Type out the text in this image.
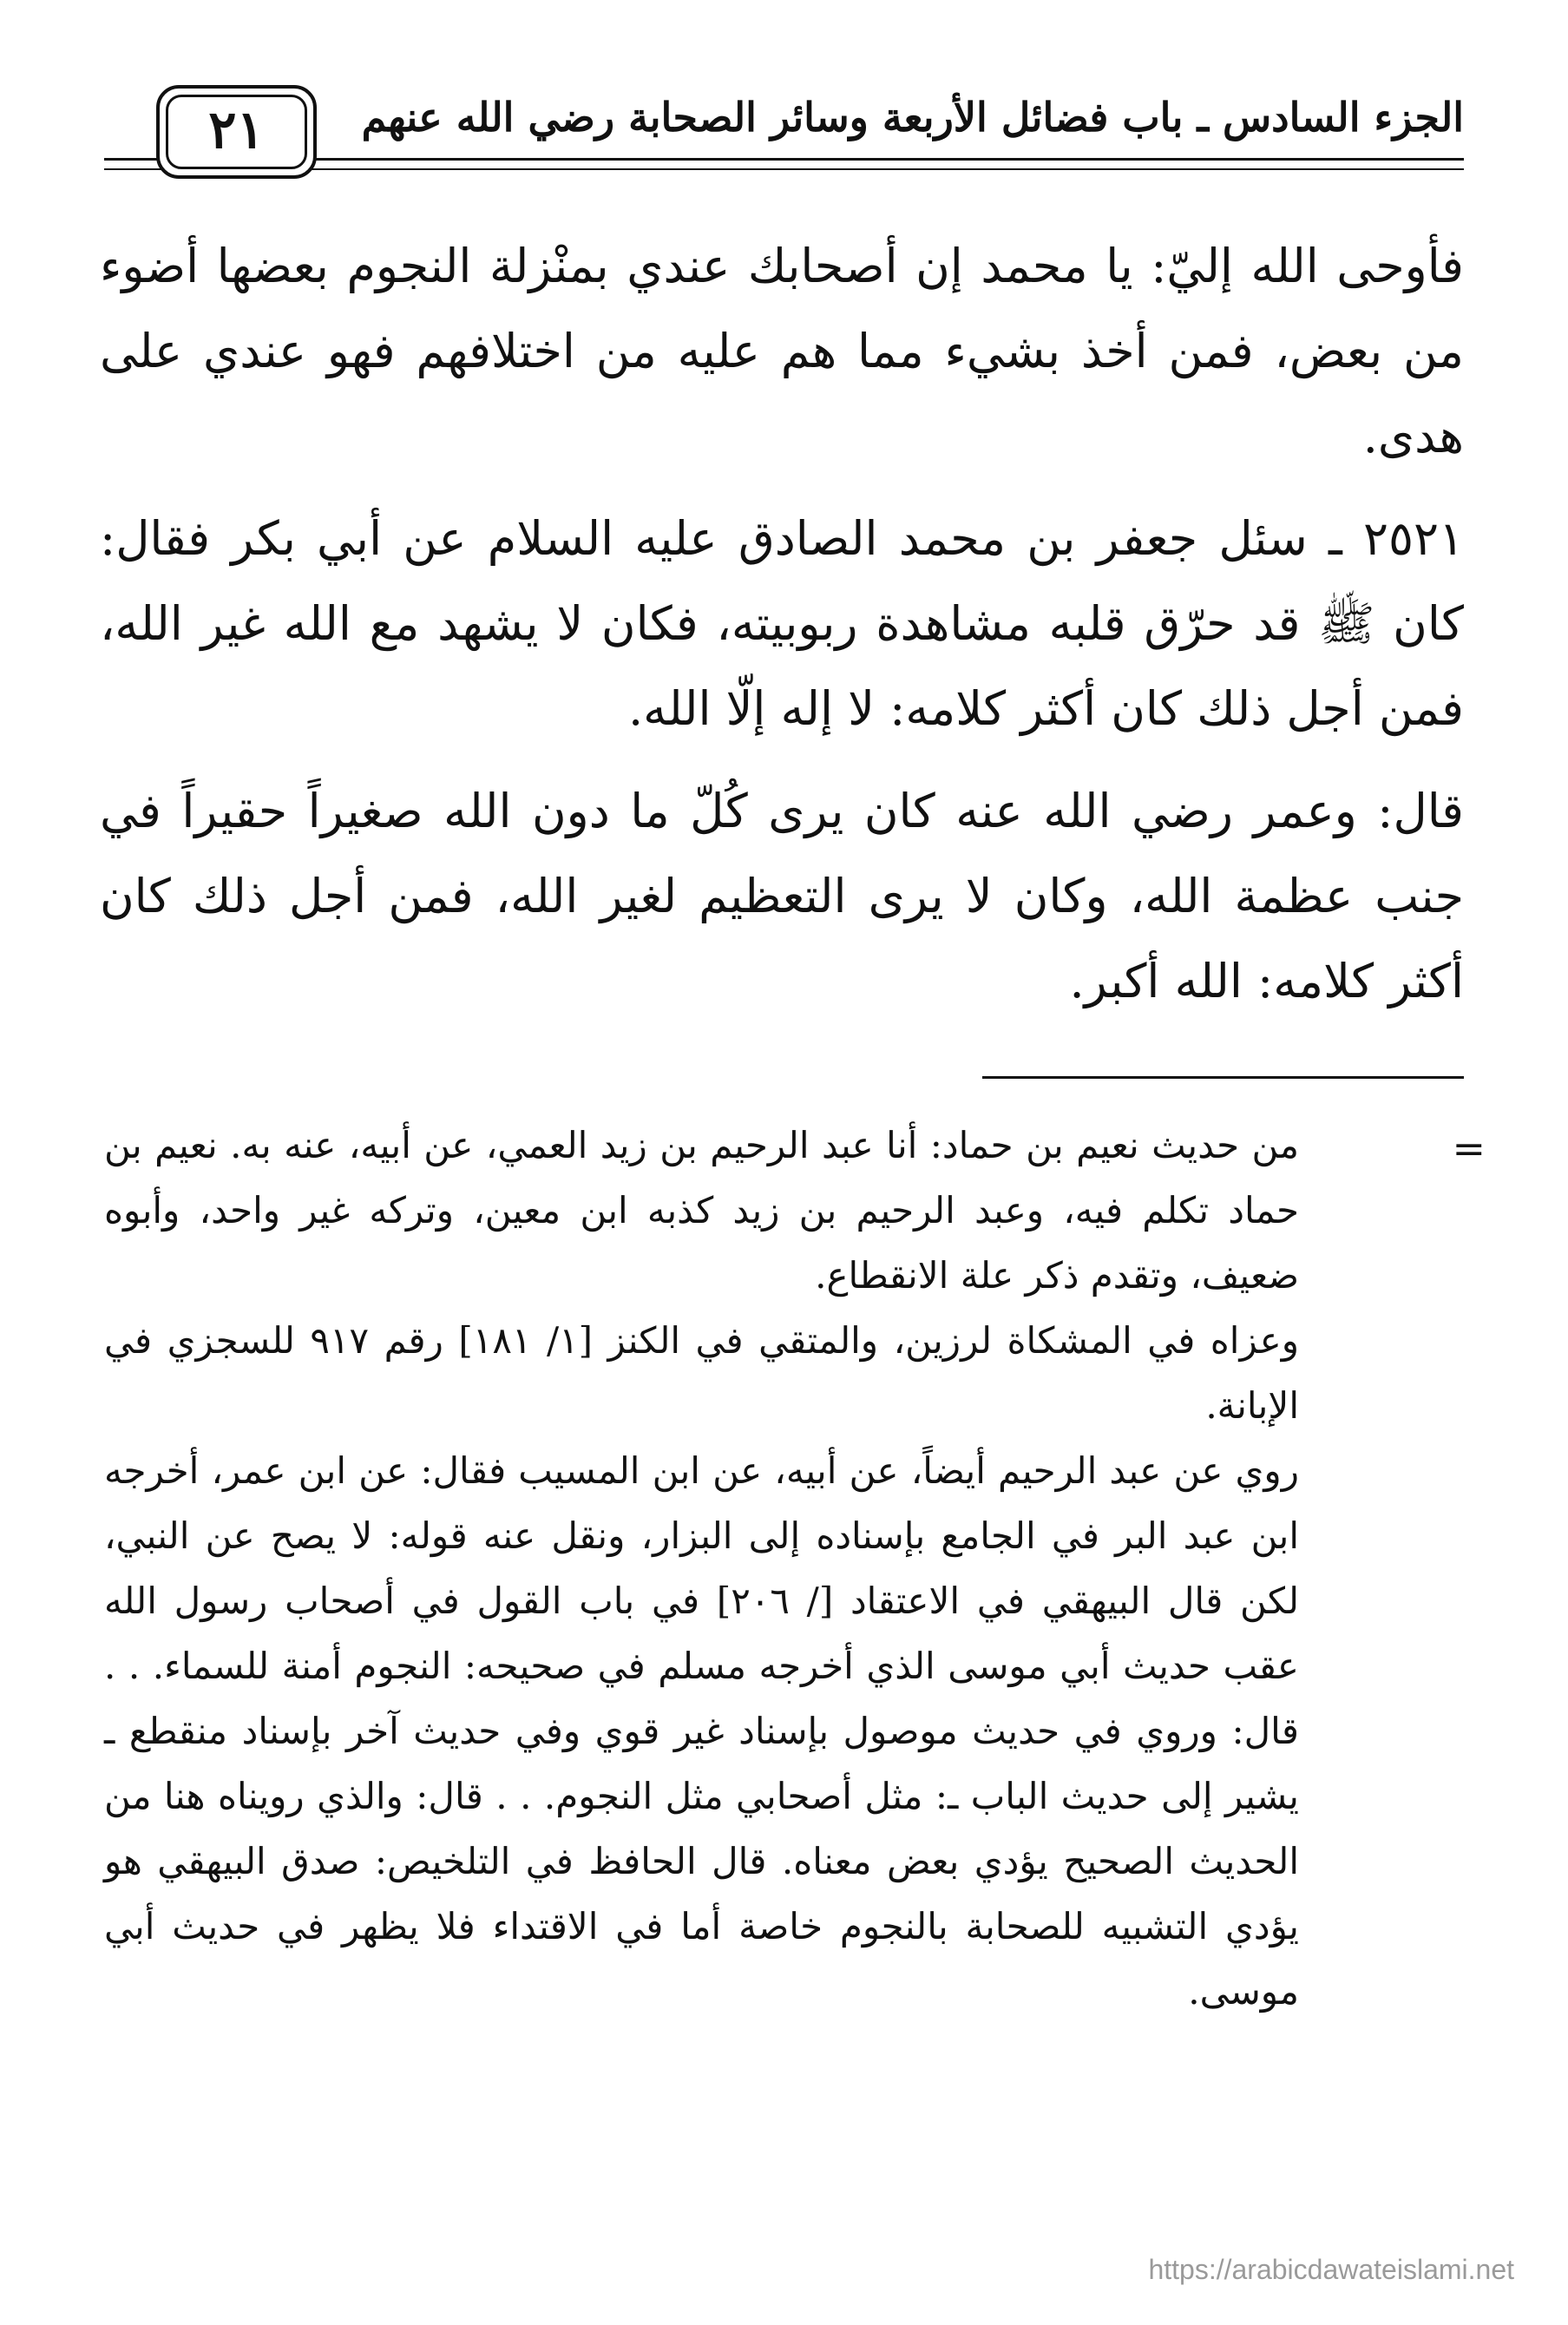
الجزء السادس ـ باب فضائل الأربعة وسائر الصحابة رضي الله عنهم
٢١

فأوحى الله إليّ: يا محمد إن أصحابك عندي بمنْزلة النجوم بعضها أضوء من بعض، فمن أخذ بشيء مما هم عليه من اختلافهم فهو عندي على هدى.

٢٥٢١ ـ سئل جعفر بن محمد الصادق عليه السلام عن أبي بكر فقال: كان ﷺ قد حرّق قلبه مشاهدة ربوبيته، فكان لا يشهد مع الله غير الله، فمن أجل ذلك كان أكثر كلامه: لا إله إلّا الله.

قال: وعمر رضي الله عنه كان يرى كُلّ ما دون الله صغيراً حقيراً في جنب عظمة الله، وكان لا يرى التعظيم لغير الله، فمن أجل ذلك كان أكثر كلامه: الله أكبر.

=

من حديث نعيم بن حماد: أنا عبد الرحيم بن زيد العمي، عن أبيه، عنه به. نعيم بن حماد تكلم فيه، وعبد الرحيم بن زيد كذبه ابن معين، وتركه غير واحد، وأبوه ضعيف، وتقدم ذكر علة الانقطاع.

وعزاه في المشكاة لرزين، والمتقي في الكنز [١/ ١٨١] رقم ٩١٧ للسجزي في الإبانة.

روي عن عبد الرحيم أيضاً، عن أبيه، عن ابن المسيب فقال: عن ابن عمر، أخرجه ابن عبد البر في الجامع بإسناده إلى البزار، ونقل عنه قوله: لا يصح عن النبي، لكن قال البيهقي في الاعتقاد [/ ٢٠٦] في باب القول في أصحاب رسول الله عقب حديث أبي موسى الذي أخرجه مسلم في صحيحه: النجوم أمنة للسماء. . . قال: وروي في حديث موصول بإسناد غير قوي وفي حديث آخر بإسناد منقطع ـ يشير إلى حديث الباب ـ: مثل أصحابي مثل النجوم. . . قال: والذي رويناه هنا من الحديث الصحيح يؤدي بعض معناه. قال الحافظ في التلخيص: صدق البيهقي هو يؤدي التشبيه للصحابة بالنجوم خاصة أما في الاقتداء فلا يظهر في حديث أبي موسى.

https://arabicdawateislami.net
